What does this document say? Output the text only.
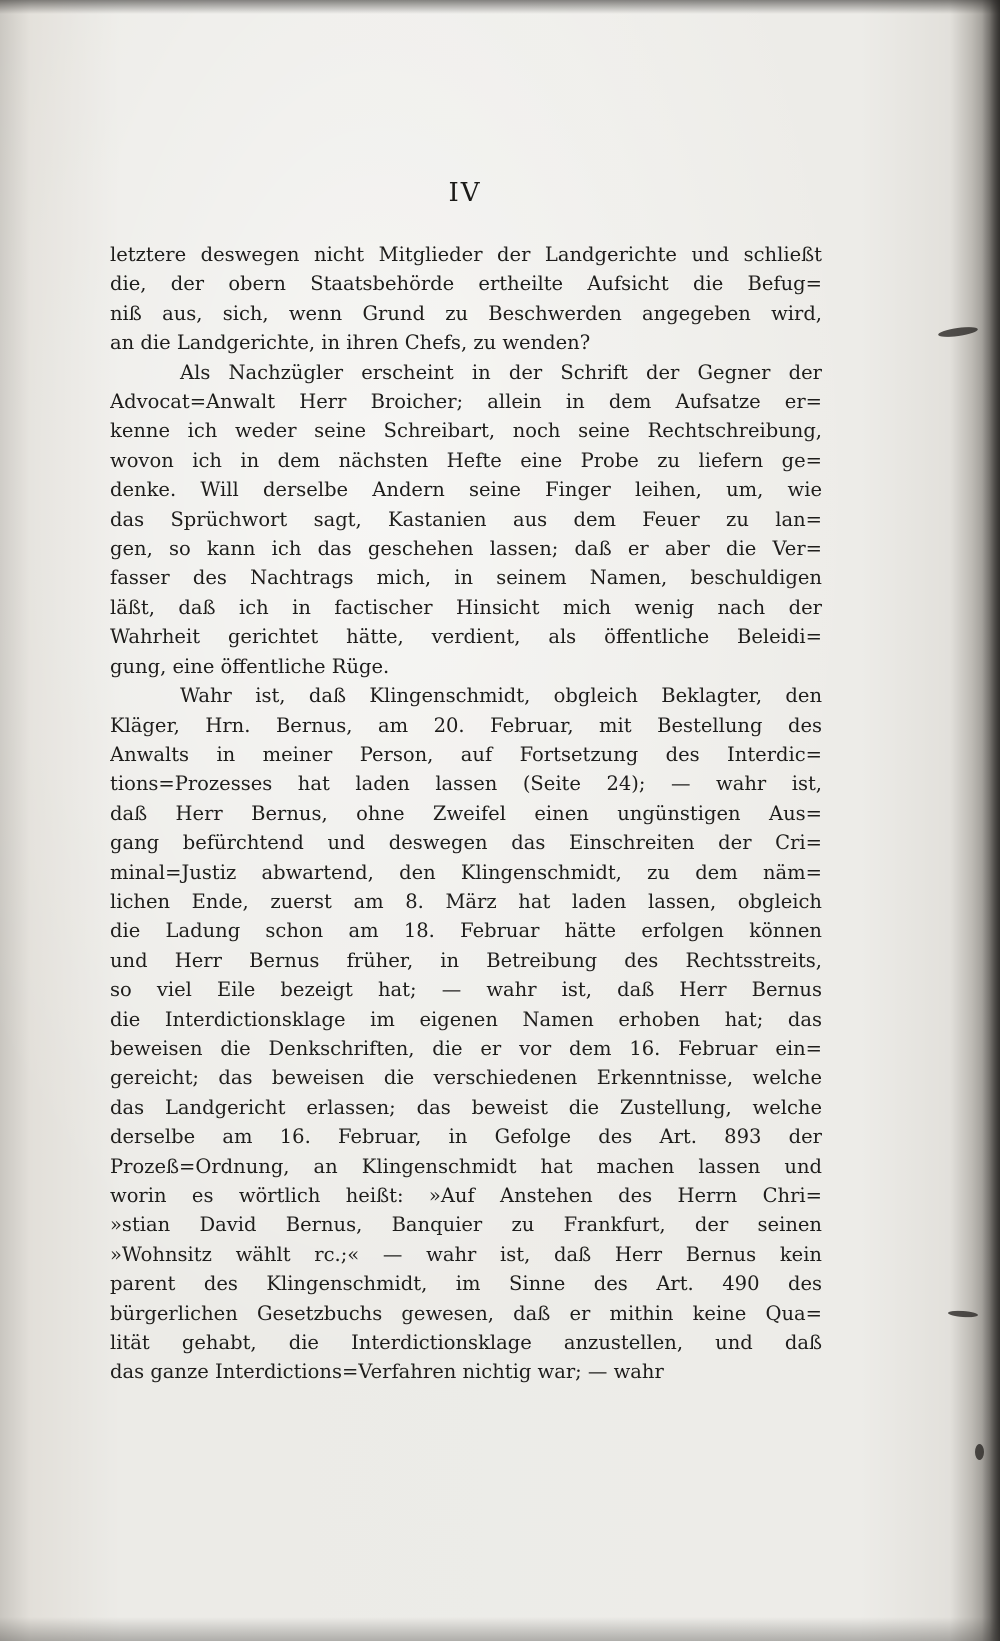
IV
letztere deswegen nicht Mitglieder der Landgerichte und schließt
die, der obern Staatsbehörde ertheilte Aufsicht die Befug=
niß aus, sich, wenn Grund zu Beschwerden angegeben wird,
an die Landgerichte, in ihren Chefs, zu wenden?
Als Nachzügler erscheint in der Schrift der Gegner der
Advocat=Anwalt Herr Broicher; allein in dem Aufsatze er=
kenne ich weder seine Schreibart, noch seine Rechtschreibung,
wovon ich in dem nächsten Hefte eine Probe zu liefern ge=
denke. Will derselbe Andern seine Finger leihen, um, wie
das Sprüchwort sagt, Kastanien aus dem Feuer zu lan=
gen, so kann ich das geschehen lassen; daß er aber die Ver=
fasser des Nachtrags mich, in seinem Namen, beschuldigen
läßt, daß ich in factischer Hinsicht mich wenig nach der
Wahrheit gerichtet hätte, verdient, als öffentliche Beleidi=
gung, eine öffentliche Rüge.
Wahr ist, daß Klingenschmidt, obgleich Beklagter, den
Kläger, Hrn. Bernus, am 20. Februar, mit Bestellung des
Anwalts in meiner Person, auf Fortsetzung des Interdic=
tions=Prozesses hat laden lassen (Seite 24); — wahr ist,
daß Herr Bernus, ohne Zweifel einen ungünstigen Aus=
gang befürchtend und deswegen das Einschreiten der Cri=
minal=Justiz abwartend, den Klingenschmidt, zu dem näm=
lichen Ende, zuerst am 8. März hat laden lassen, obgleich
die Ladung schon am 18. Februar hätte erfolgen können
und Herr Bernus früher, in Betreibung des Rechtsstreits,
so viel Eile bezeigt hat; — wahr ist, daß Herr Bernus
die Interdictionsklage im eigenen Namen erhoben hat; das
beweisen die Denkschriften, die er vor dem 16. Februar ein=
gereicht; das beweisen die verschiedenen Erkenntnisse, welche
das Landgericht erlassen; das beweist die Zustellung, welche
derselbe am 16. Februar, in Gefolge des Art. 893 der
Prozeß=Ordnung, an Klingenschmidt hat machen lassen und
worin es wörtlich heißt: »Auf Anstehen des Herrn Chri=
»stian David Bernus, Banquier zu Frankfurt, der seinen
»Wohnsitz wählt rc.;« — wahr ist, daß Herr Bernus kein
parent des Klingenschmidt, im Sinne des Art. 490 des
bürgerlichen Gesetzbuchs gewesen, daß er mithin keine Qua=
lität gehabt, die Interdictionsklage anzustellen, und daß
das ganze Interdictions=Verfahren nichtig war; — wahr
